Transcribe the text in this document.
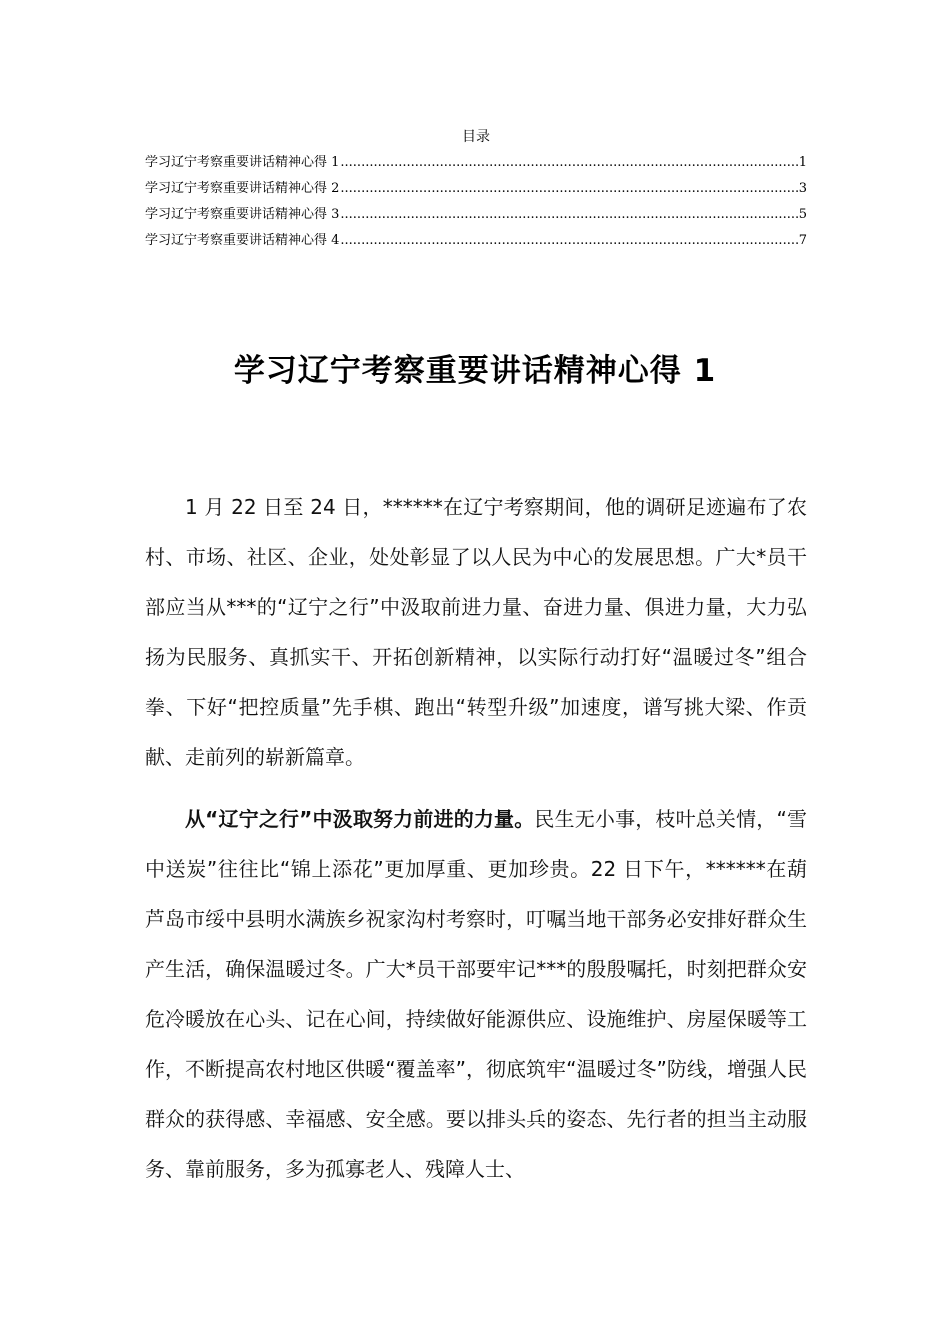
目录
学习辽宁考察重要讲话精神心得 1 .....	1
学习辽宁考察重要讲话精神心得 2 .....	3
学习辽宁考察重要讲话精神心得 3 .....	5
学习辽宁考察重要讲话精神心得 4 .....	7
学习辽宁考察重要讲话精神心得 1

1 月 22 日至 24 日，******在辽宁考察期间，他的调研足迹遍布了农村、市场、社区、企业，处处彰显了以人民为中心的发展思想。广大*员干部应当从***的“辽宁之行”中汲取前进力量、奋进力量、俱进力量，大力弘扬为民服务、真抓实干、开拓创新精神，以实际行动打好“温暖过冬”组合拳、下好“把控质量”先手棋、跑出“转型升级”加速度，谱写挑大梁、作贡献、走前列的崭新篇章。

从“辽宁之行”中汲取努力前进的力量。民生无小事，枝叶总关情，“雪中送炭”往往比“锦上添花”更加厚重、更加珍贵。22 日下午，******在葫芦岛市绥中县明水满族乡祝家沟村考察时，叮嘱当地干部务必安排好群众生产生活，确保温暖过冬。广大*员干部要牢记***的殷殷嘱托，时刻把群众安危冷暖放在心头、记在心间，持续做好能源供应、设施维护、房屋保暖等工作，不断提高农村地区供暖“覆盖率”，彻底筑牢“温暖过冬”防线，增强人民群众的获得感、幸福感、安全感。要以排头兵的姿态、先行者的担当主动服务、靠前服务，多为孤寡老人、残障人士、
